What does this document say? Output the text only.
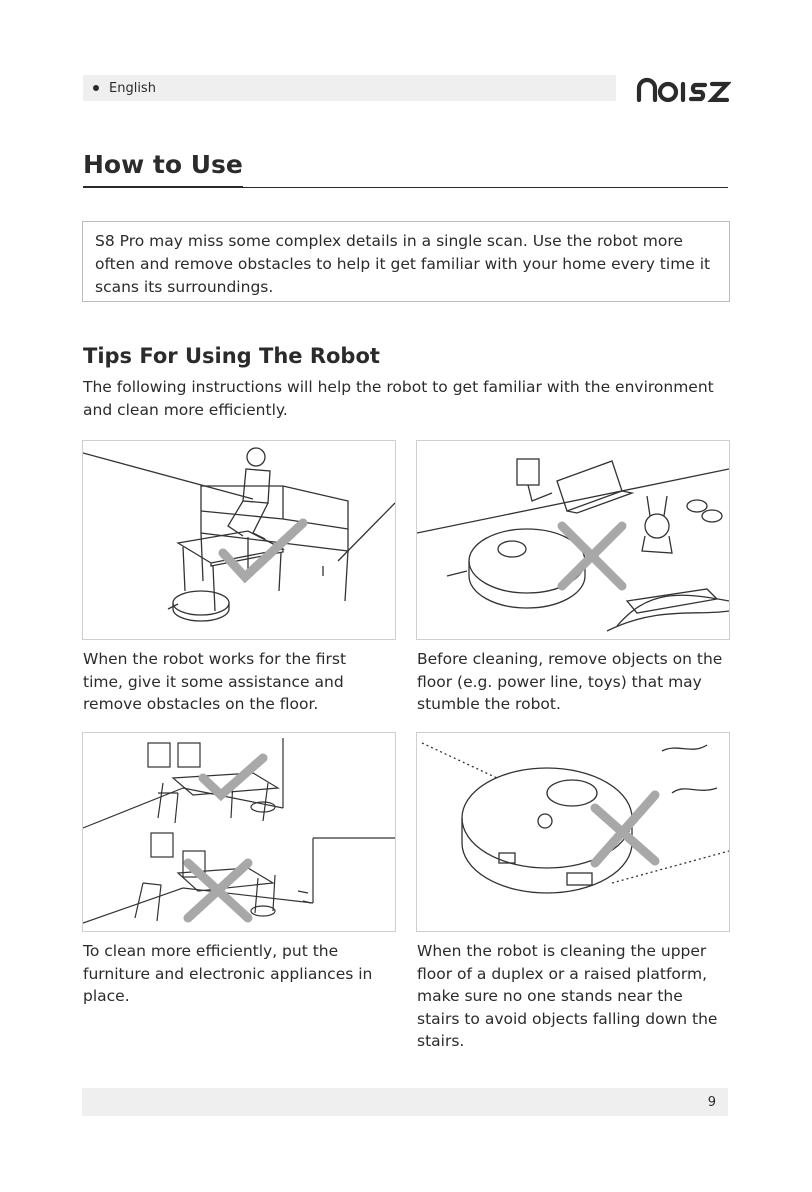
English
How to Use
S8 Pro may miss some complex details in a single scan. Use the robot more often and remove obstacles to help it get familiar with your home every time it scans its surroundings.
Tips For Using The Robot
The following instructions will help the robot to get familiar with the environment and clean more efficiently.
When the robot works for the first time, give it some assistance and remove obstacles on the floor.
Before cleaning, remove objects on the floor (e.g. power line, toys) that may stumble the robot.
To clean more efficiently, put the furniture and electronic appliances in place.
When the robot is cleaning the upper floor of a duplex or a raised platform, make sure no one stands near the stairs to avoid objects falling down the stairs.
9
